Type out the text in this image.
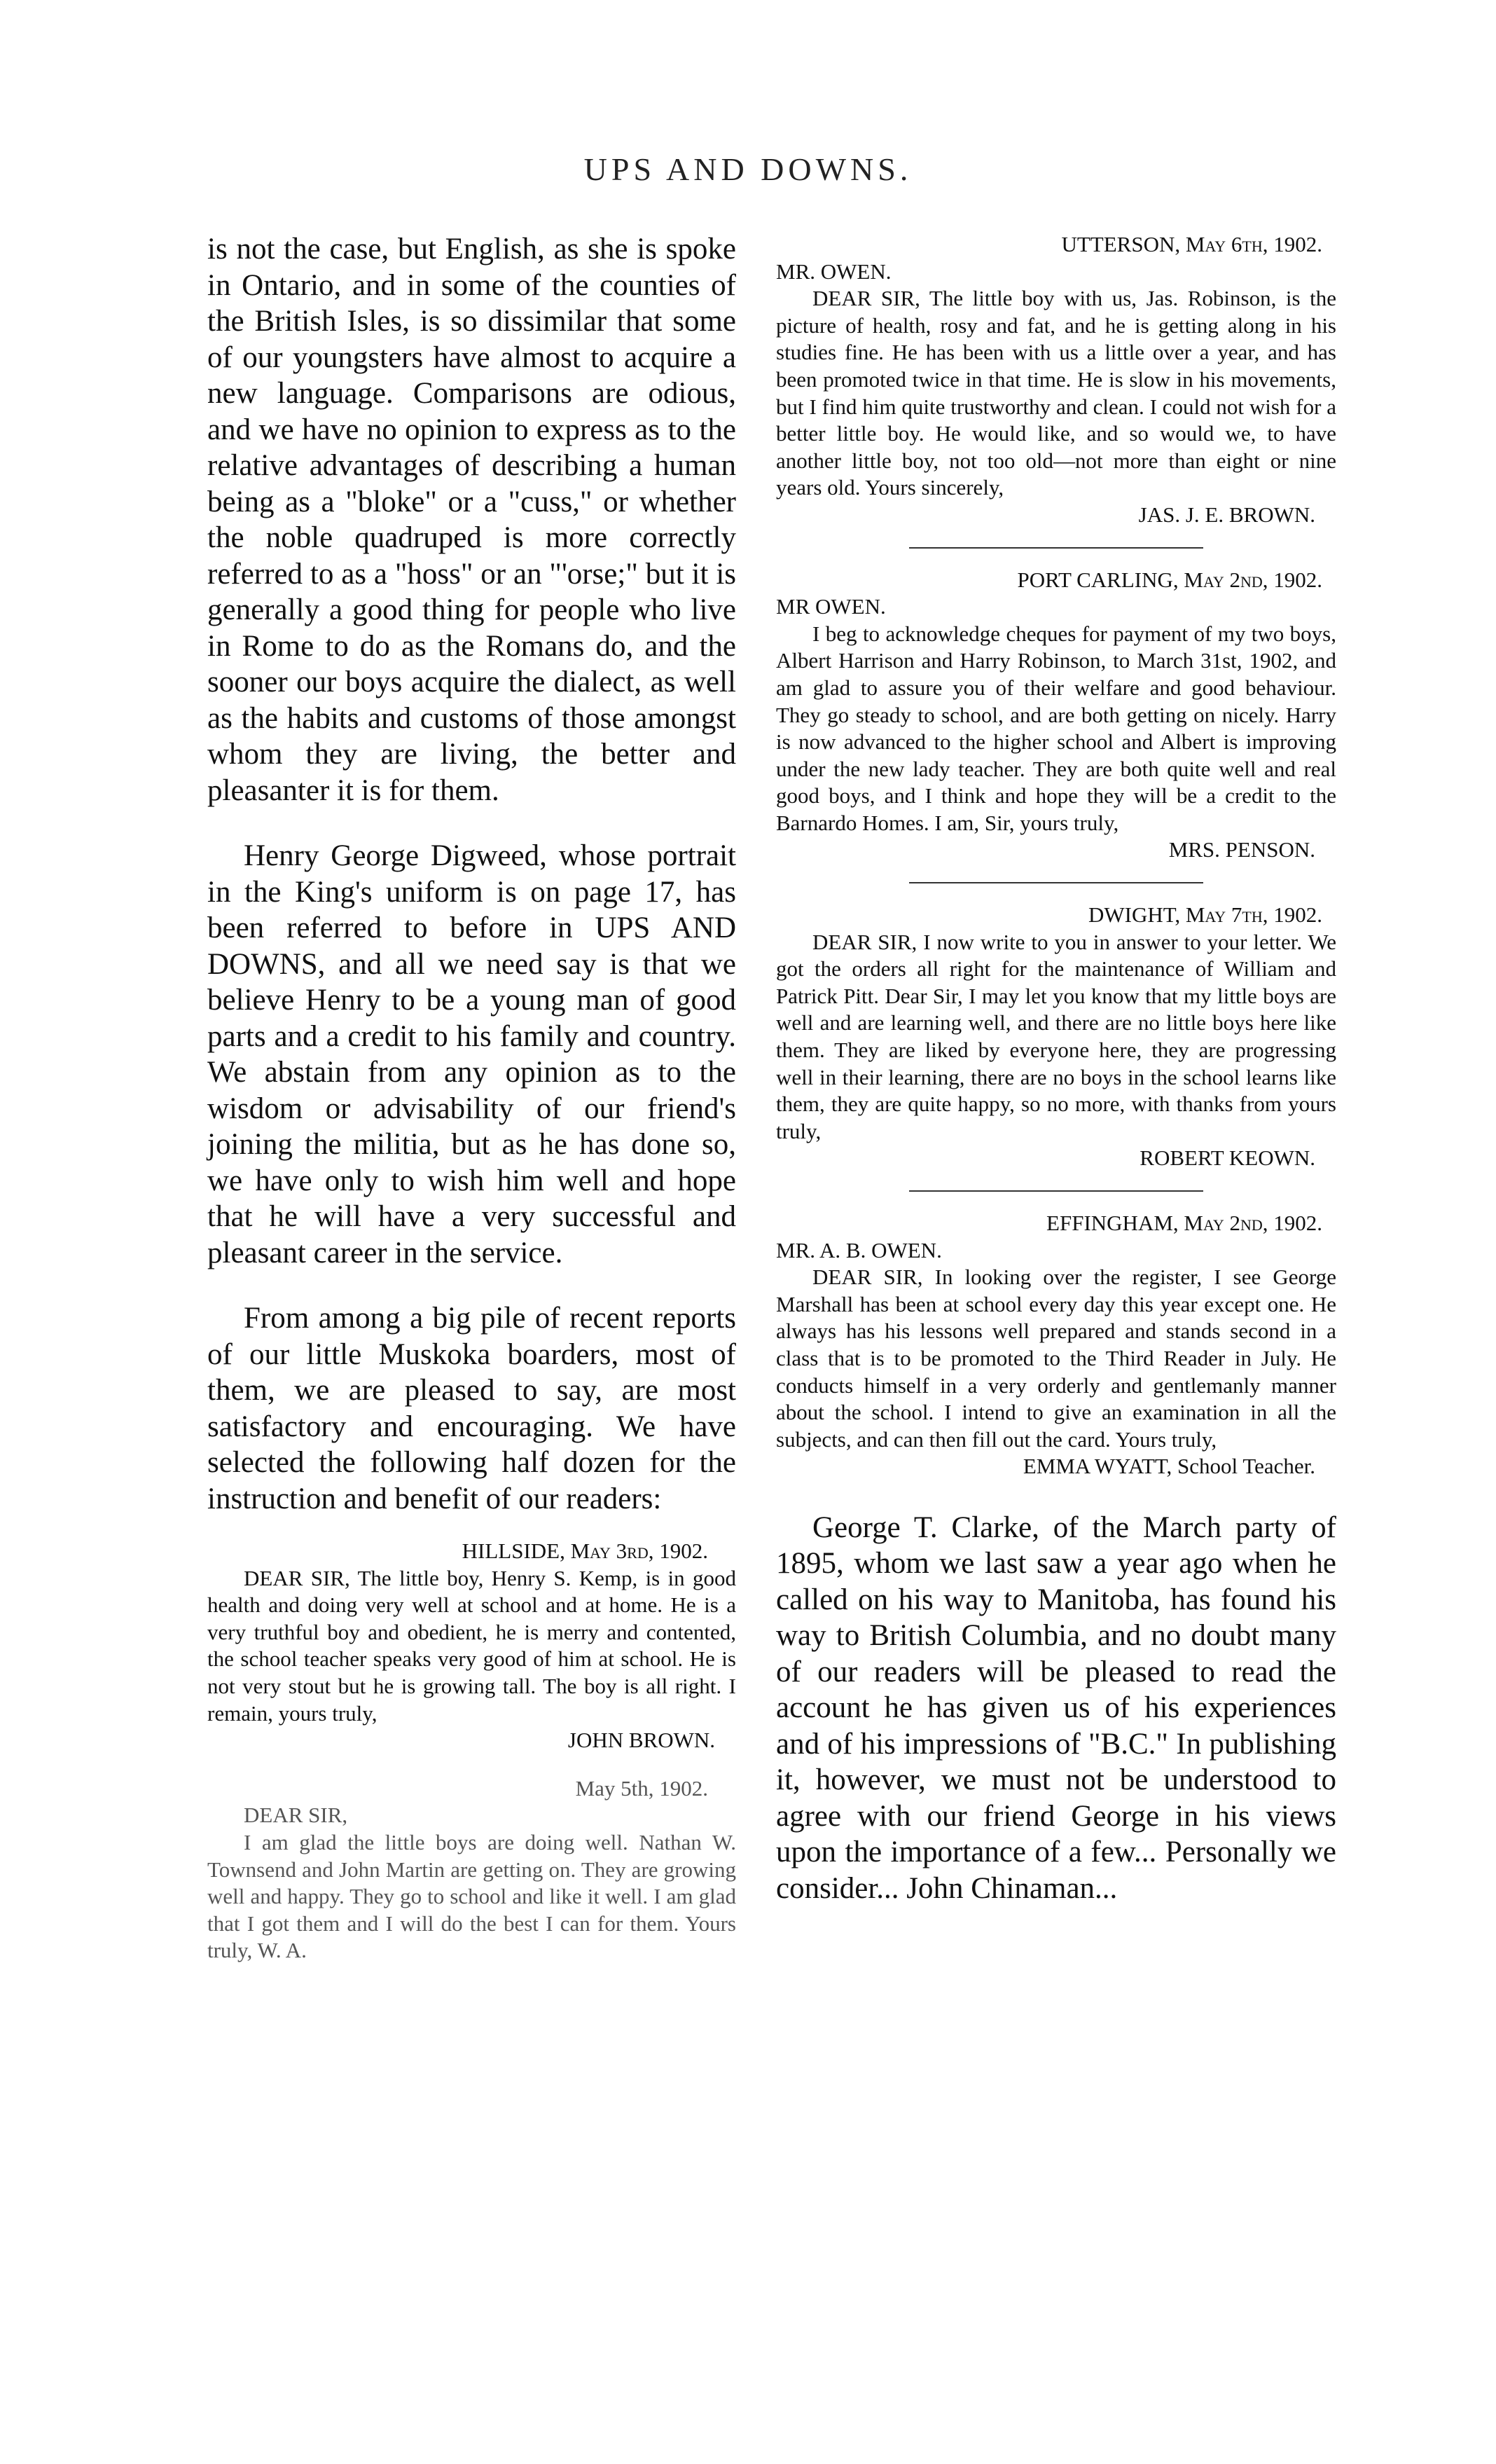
UPS AND DOWNS.

is not the case, but English, as she is spoke in Ontario, and in some of the counties of the British Isles, is so dissimilar that some of our youngsters have almost to acquire a new language. Comparisons are odious, and we have no opinion to express as to the relative advantages of describing a human being as a "bloke" or a "cuss," or whether the noble quadruped is more correctly referred to as a "hoss" or an "'orse;" but it is generally a good thing for people who live in Rome to do as the Romans do, and the sooner our boys acquire the dialect, as well as the habits and customs of those amongst whom they are living, the better and pleasanter it is for them.

Henry George Digweed, whose portrait in the King's uniform is on page 17, has been referred to before in UPS AND DOWNS, and all we need say is that we believe Henry to be a young man of good parts and a credit to his family and country. We abstain from any opinion as to the wisdom or advisability of our friend's joining the militia, but as he has done so, we have only to wish him well and hope that he will have a very successful and pleasant career in the service.

From among a big pile of recent reports of our little Muskoka boarders, most of them, we are pleased to say, are most satisfactory and encouraging. We have selected the following half dozen for the instruction and benefit of our readers:

HILLSIDE, May 3rd, 1902.

DEAR SIR, The little boy, Henry S. Kemp, is in good health and doing very well at school and at home. He is a very truthful boy and obedient, he is merry and contented, the school teacher speaks very good of him at school. He is not very stout but he is growing tall. The boy is all right. I remain, yours truly,

JOHN BROWN.

May 5th, 1902.

DEAR SIR,

I am glad the little boys are doing well. Nathan W. Townsend and John Martin are getting on. They are growing well and happy. They go to school and like it well. I am glad that I got them and I will do the best I can for them. Yours truly, W. A.

UTTERSON, May 6th, 1902.

MR. OWEN.

DEAR SIR, The little boy with us, Jas. Robinson, is the picture of health, rosy and fat, and he is getting along in his studies fine. He has been with us a little over a year, and has been promoted twice in that time. He is slow in his movements, but I find him quite trustworthy and clean. I could not wish for a better little boy. He would like, and so would we, to have another little boy, not too old—not more than eight or nine years old. Yours sincerely,

JAS. J. E. BROWN.

PORT CARLING, May 2nd, 1902.

MR OWEN.

I beg to acknowledge cheques for payment of my two boys, Albert Harrison and Harry Robinson, to March 31st, 1902, and am glad to assure you of their welfare and good behaviour. They go steady to school, and are both getting on nicely. Harry is now advanced to the higher school and Albert is improving under the new lady teacher. They are both quite well and real good boys, and I think and hope they will be a credit to the Barnardo Homes. I am, Sir, yours truly,

MRS. PENSON.

DWIGHT, May 7th, 1902.

DEAR SIR, I now write to you in answer to your letter. We got the orders all right for the maintenance of William and Patrick Pitt. Dear Sir, I may let you know that my little boys are well and are learning well, and there are no little boys here like them. They are liked by everyone here, they are progressing well in their learning, there are no boys in the school learns like them, they are quite happy, so no more, with thanks from yours truly,

ROBERT KEOWN.

EFFINGHAM, May 2nd, 1902.

MR. A. B. OWEN.

DEAR SIR, In looking over the register, I see George Marshall has been at school every day this year except one. He always has his lessons well prepared and stands second in a class that is to be promoted to the Third Reader in July. He conducts himself in a very orderly and gentlemanly manner about the school. I intend to give an examination in all the subjects, and can then fill out the card. Yours truly,

EMMA WYATT, School Teacher.

George T. Clarke, of the March party of 1895, whom we last saw a year ago when he called on his way to Manitoba, has found his way to British Columbia, and no doubt many of our readers will be pleased to read the account he has given us of his experiences and of his impressions of "B.C." In publishing it, however, we must not be understood to agree with our friend George in his views upon the importance of a few... Personally we consider... John Chinaman...
